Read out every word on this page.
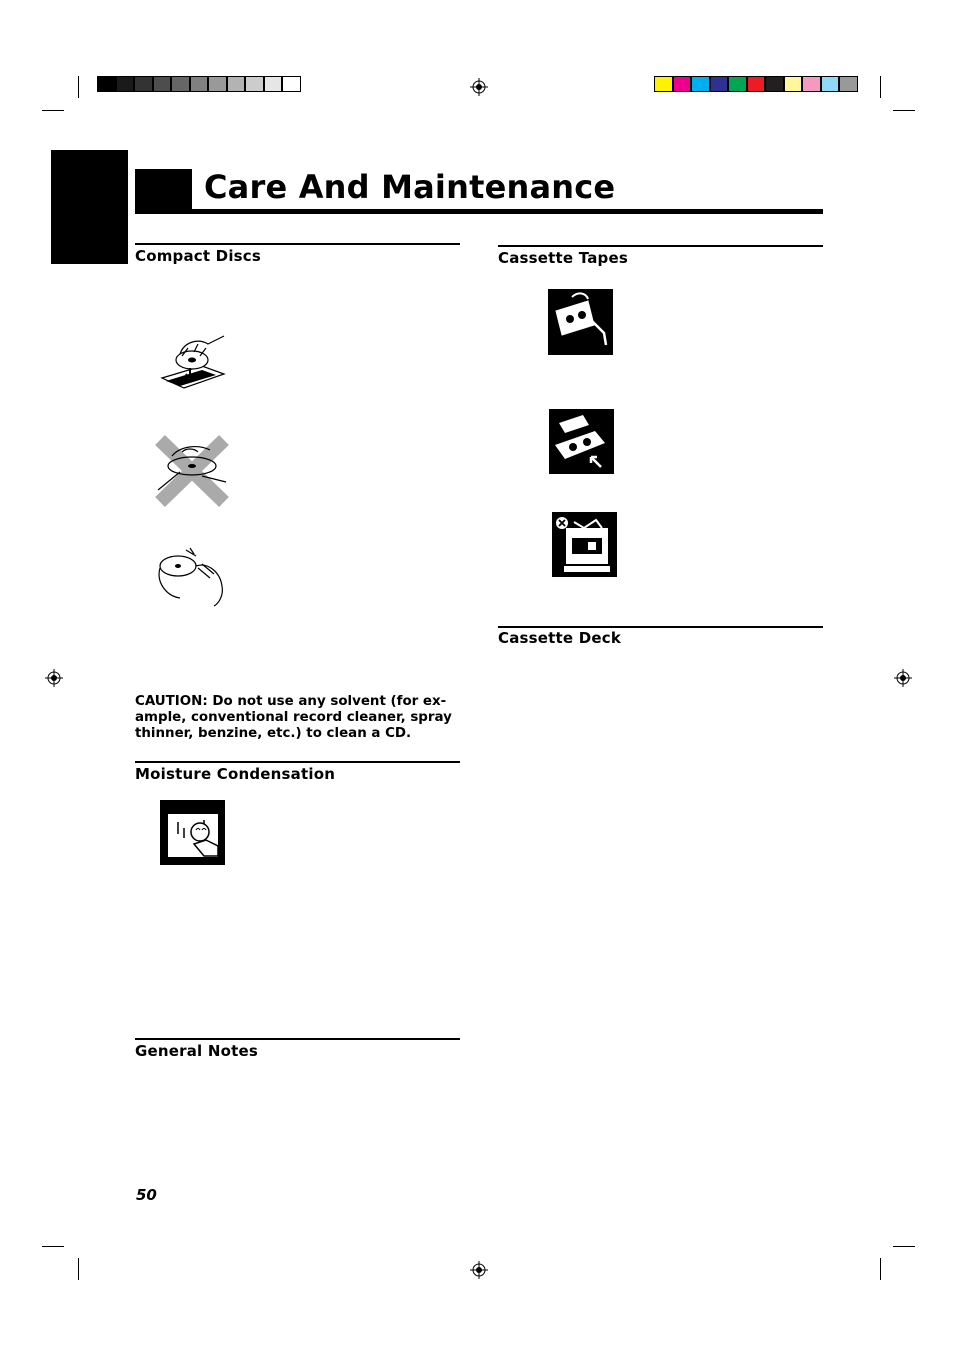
Care And Maintenance
Compact Discs
CAUTION: Do not use any solvent (for ex- ample, conventional record cleaner, spray thinner, benzine, etc.) to clean a CD.
Moisture Condensation
General Notes
Cassette Tapes
Cassette Deck
50
